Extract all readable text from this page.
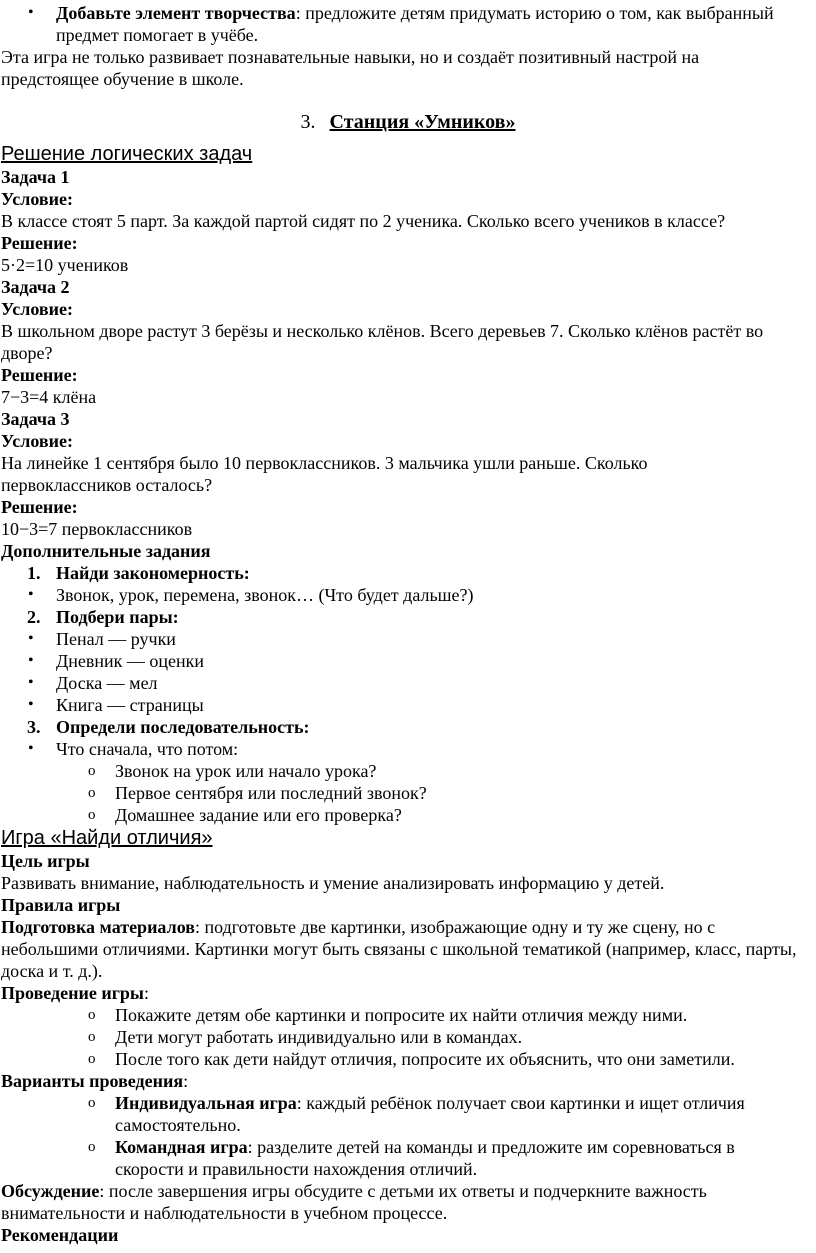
• Добавьте элемент творчества: предложите детям придумать историю о том, как выбранный предмет помогает в учёбе.

Эта игра не только развивает познавательные навыки, но и создаёт позитивный настрой на предстоящее обучение в школе.

3. Станция «Умников»

Решение логических задач

Задача 1

Условие:

В классе стоят 5 парт. За каждой партой сидят по 2 ученика. Сколько всего учеников в классе?

Решение:

5·2=10 учеников

Задача 2

Условие:

В школьном дворе растут 3 берёзы и несколько клёнов. Всего деревьев 7. Сколько клёнов растёт во дворе?

Решение:

7−3=4 клёна

Задача 3

Условие:

На линейке 1 сентября было 10 первоклассников. 3 мальчика ушли раньше. Сколько первоклассников осталось?

Решение:

10−3=7 первоклассников

Дополнительные задания

1. Найди закономерность:

• Звонок, урок, перемена, звонок… (Что будет дальше?)

2. Подбери пары:

• Пенал — ручки

• Дневник — оценки

• Доска — мел

• Книга — страницы

3. Определи последовательность:

• Что сначала, что потом:

o Звонок на урок или начало урока?

o Первое сентября или последний звонок?

o Домашнее задание или его проверка?

Игра «Найди отличия»

Цель игры

Развивать внимание, наблюдательность и умение анализировать информацию у детей.

Правила игры

Подготовка материалов: подготовьте две картинки, изображающие одну и ту же сцену, но с небольшими отличиями. Картинки могут быть связаны с школьной тематикой (например, класс, парты, доска и т. д.).

Проведение игры:

o Покажите детям обе картинки и попросите их найти отличия между ними.

o Дети могут работать индивидуально или в командах.

o После того как дети найдут отличия, попросите их объяснить, что они заметили.

Варианты проведения:

o Индивидуальная игра: каждый ребёнок получает свои картинки и ищет отличия самостоятельно.

o Командная игра: разделите детей на команды и предложите им соревноваться в скорости и правильности нахождения отличий.

Обсуждение: после завершения игры обсудите с детьми их ответы и подчеркните важность внимательности и наблюдательности в учебном процессе.

Рекомендации
